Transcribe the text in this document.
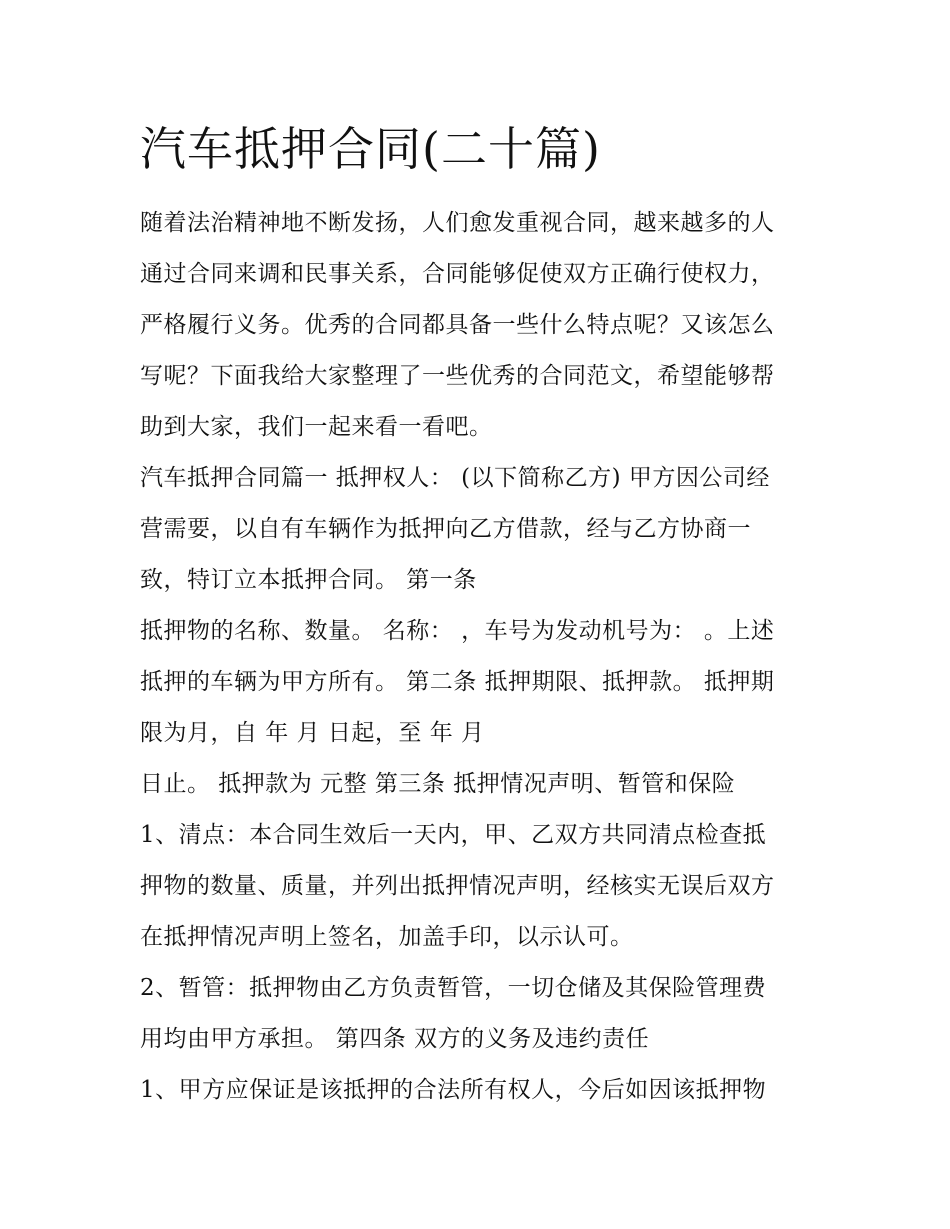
汽车抵押合同(二十篇)
随着法治精神地不断发扬，人们愈发重视合同，越来越多的人
通过合同来调和民事关系，合同能够促使双方正确行使权力，
严格履行义务。优秀的合同都具备一些什么特点呢？又该怎么
写呢？下面我给大家整理了一些优秀的合同范文，希望能够帮
助到大家，我们一起来看一看吧。
汽车抵押合同篇一 抵押权人： (以下简称乙方) 甲方因公司经
营需要，以自有车辆作为抵押向乙方借款，经与乙方协商一
致，特订立本抵押合同。 第一条
抵押物的名称、数量。 名称： ，车号为发动机号为： 。上述
抵押的车辆为甲方所有。 第二条 抵押期限、抵押款。 抵押期
限为月，自 年 月 日起，至 年 月
日止。 抵押款为 元整 第三条 抵押情况声明、暂管和保险
1、清点：本合同生效后一天内，甲、乙双方共同清点检查抵
押物的数量、质量，并列出抵押情况声明，经核实无误后双方
在抵押情况声明上签名，加盖手印，以示认可。
2、暂管：抵押物由乙方负责暂管，一切仓储及其保险管理费
用均由甲方承担。 第四条 双方的义务及违约责任
1、甲方应保证是该抵押的合法所有权人，今后如因该抵押物
